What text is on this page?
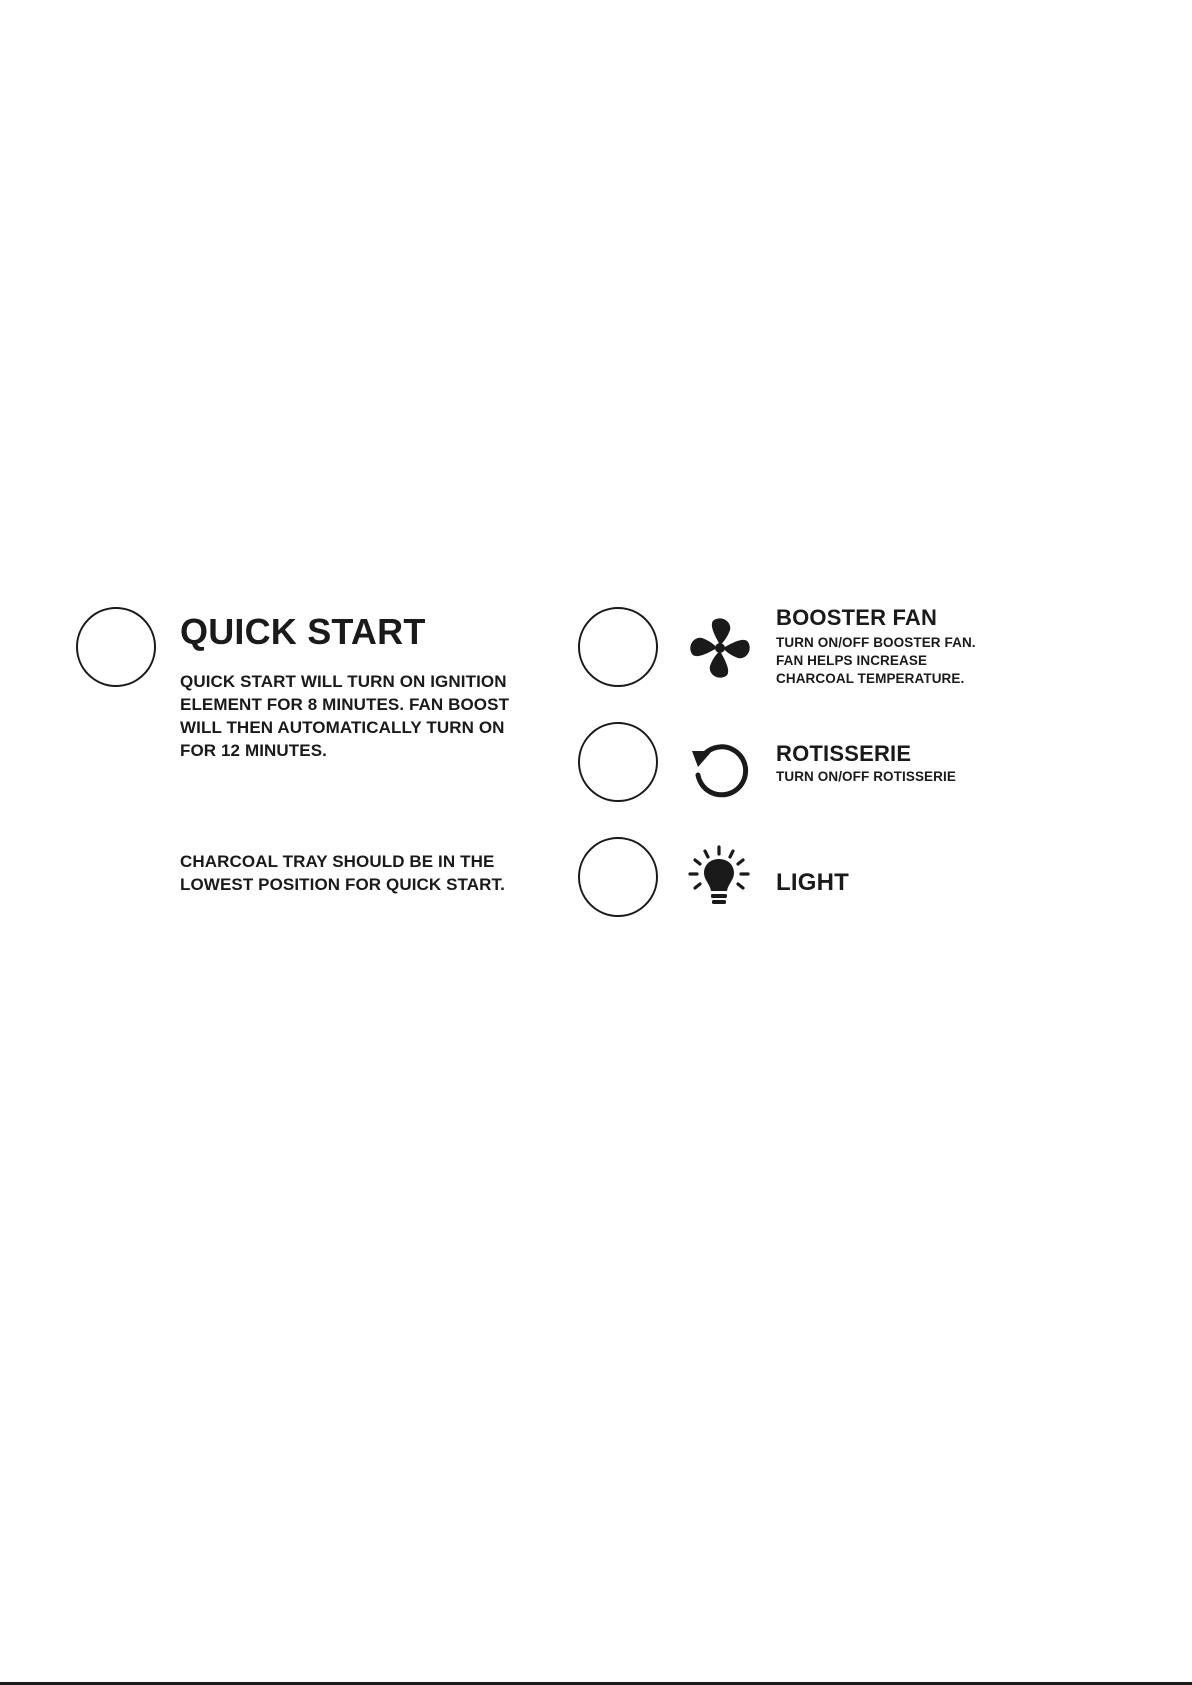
QUICK START
QUICK START WILL TURN ON IGNITION
ELEMENT FOR 8 MINUTES. FAN BOOST
WILL THEN AUTOMATICALLY TURN ON
FOR 12 MINUTES.
CHARCOAL TRAY SHOULD BE IN THE
LOWEST POSITION FOR QUICK START.
BOOSTER FAN
TURN ON/OFF BOOSTER FAN.
FAN HELPS INCREASE
CHARCOAL TEMPERATURE.
ROTISSERIE
TURN ON/OFF ROTISSERIE
LIGHT
